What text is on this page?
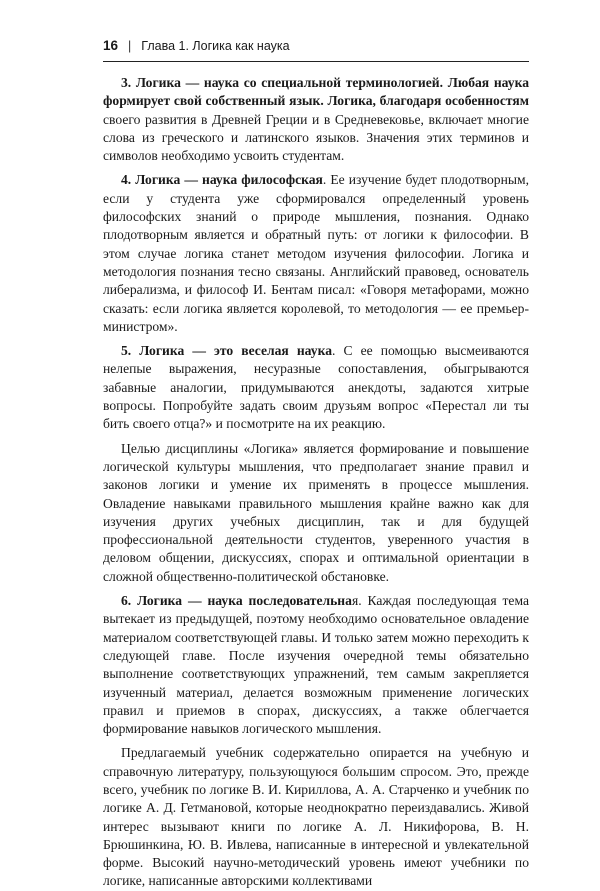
16 | Глава 1. Логика как наука

3. Логика — наука со специальной терминологией. Любая наука формирует свой собственный язык. Логика, благодаря особенностям своего развития в Древней Греции и в Средневековье, включает многие слова из греческого и латинского языков. Значения этих терминов и символов необходимо усвоить студентам.

4. Логика — наука философская. Ее изучение будет плодотворным, если у студента уже сформировался определенный уровень философских знаний о природе мышления, познания. Однако плодотворным является и обратный путь: от логики к философии. В этом случае логика станет методом изучения философии. Логика и методология познания тесно связаны. Английский правовед, основатель либерализма, и философ И. Бентам писал: «Говоря метафорами, можно сказать: если логика является королевой, то методология — ее премьер-министром».

5. Логика — это веселая наука. С ее помощью высмеиваются нелепые выражения, несуразные сопоставления, обыгрываются забавные аналогии, придумываются анекдоты, задаются хитрые вопросы. Попробуйте задать своим друзьям вопрос «Перестал ли ты бить своего отца?» и посмотрите на их реакцию.

Целью дисциплины «Логика» является формирование и повышение логической культуры мышления, что предполагает знание правил и законов логики и умение их применять в процессе мышления. Овладение навыками правильного мышления крайне важно как для изучения других учебных дисциплин, так и для будущей профессиональной деятельности студентов, уверенного участия в деловом общении, дискуссиях, спорах и оптимальной ориентации в сложной общественно-политической обстановке.

6. Логика — наука последовательная. Каждая последующая тема вытекает из предыдущей, поэтому необходимо основательное овладение материалом соответствующей главы. И только затем можно переходить к следующей главе. После изучения очередной темы обязательно выполнение соответствующих упражнений, тем самым закрепляется изученный материал, делается возможным применение логических правил и приемов в спорах, дискуссиях, а также облегчается формирование навыков логического мышления.

Предлагаемый учебник содержательно опирается на учебную и справочную литературу, пользующуюся большим спросом. Это, прежде всего, учебник по логике В. И. Кириллова, А. А. Старченко и учебник по логике А. Д. Гетмановой, которые неоднократно переиздавались. Живой интерес вызывают книги по логике А. Л. Никифорова, В. Н. Брюшинкина, Ю. В. Ивлева, написанные в интересной и увлекательной форме. Высокий научно-методический уровень имеют учебники по логике, написанные авторскими коллективами
